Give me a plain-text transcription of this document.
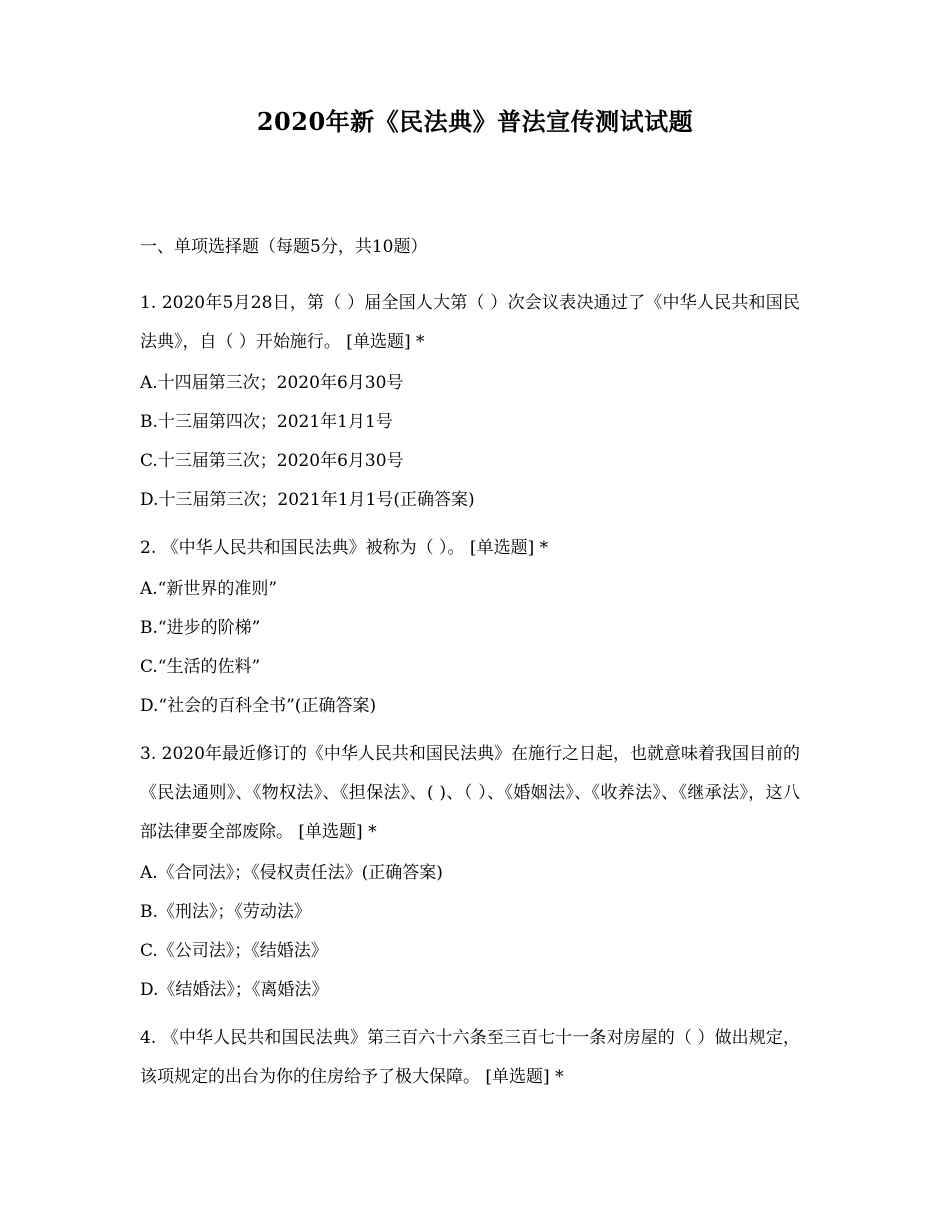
2020年新《民法典》普法宣传测试试题
一、单项选择题（每题5分，共10题）
1. 2020年5月28日，第（ ）届全国人大第（ ）次会议表决通过了《中华人民共和国民法典》，自（ ）开始施行。 [单选题] *
A.十四届第三次；2020年6月30号
B.十三届第四次；2021年1月1号
C.十三届第三次；2020年6月30号
D.十三届第三次；2021年1月1号(正确答案)
2. 《中华人民共和国民法典》被称为（ ）。 [单选题] *
A.“新世界的准则”
B.“进步的阶梯”
C.“生活的佐料”
D.“社会的百科全书”(正确答案)
3. 2020年最近修订的《中华人民共和国民法典》在施行之日起，也就意味着我国目前的《民法通则》、《物权法》、《担保法》、( )、（ ）、《婚姻法》、《收养法》、《继承法》，这八部法律要全部废除。 [单选题] *
A.《合同法》；《侵权责任法》(正确答案)
B.《刑法》；《劳动法》
C.《公司法》；《结婚法》
D.《结婚法》；《离婚法》
4. 《中华人民共和国民法典》第三百六十六条至三百七十一条对房屋的（ ）做出规定，该项规定的出台为你的住房给予了极大保障。 [单选题] *
